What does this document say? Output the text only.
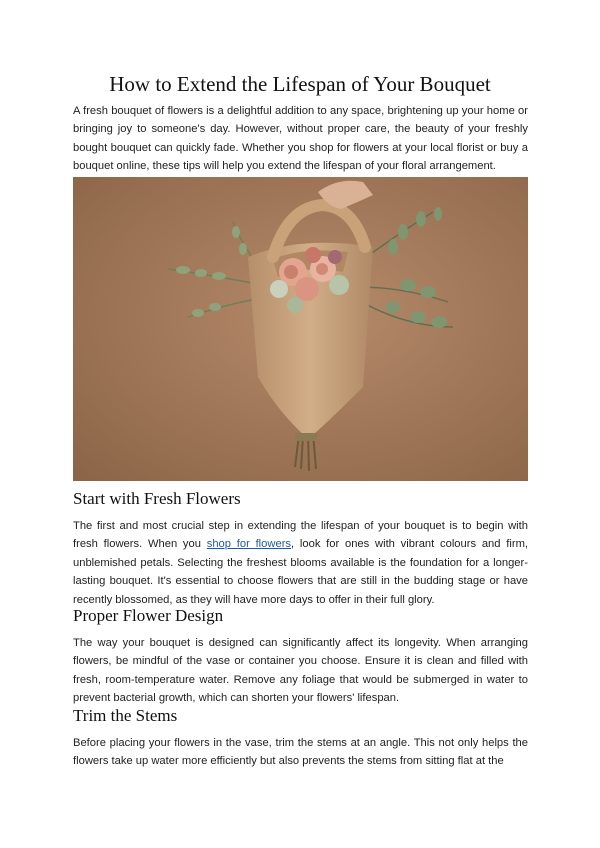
How to Extend the Lifespan of Your Bouquet

A fresh bouquet of flowers is a delightful addition to any space, brightening up your home or bringing joy to someone's day. However, without proper care, the beauty of your freshly bought bouquet can quickly fade. Whether you shop for flowers at your local florist or buy a bouquet online, these tips will help you extend the lifespan of your floral arrangement.

Start with Fresh Flowers

The first and most crucial step in extending the lifespan of your bouquet is to begin with fresh flowers. When you shop for flowers, look for ones with vibrant colours and firm, unblemished petals. Selecting the freshest blooms available is the foundation for a longer-lasting bouquet. It's essential to choose flowers that are still in the budding stage or have recently blossomed, as they will have more days to offer in their full glory.

Proper Flower Design

The way your bouquet is designed can significantly affect its longevity. When arranging flowers, be mindful of the vase or container you choose. Ensure it is clean and filled with fresh, room-temperature water. Remove any foliage that would be submerged in water to prevent bacterial growth, which can shorten your flowers' lifespan.

Trim the Stems

Before placing your flowers in the vase, trim the stems at an angle. This not only helps the flowers take up water more efficiently but also prevents the stems from sitting flat at the
